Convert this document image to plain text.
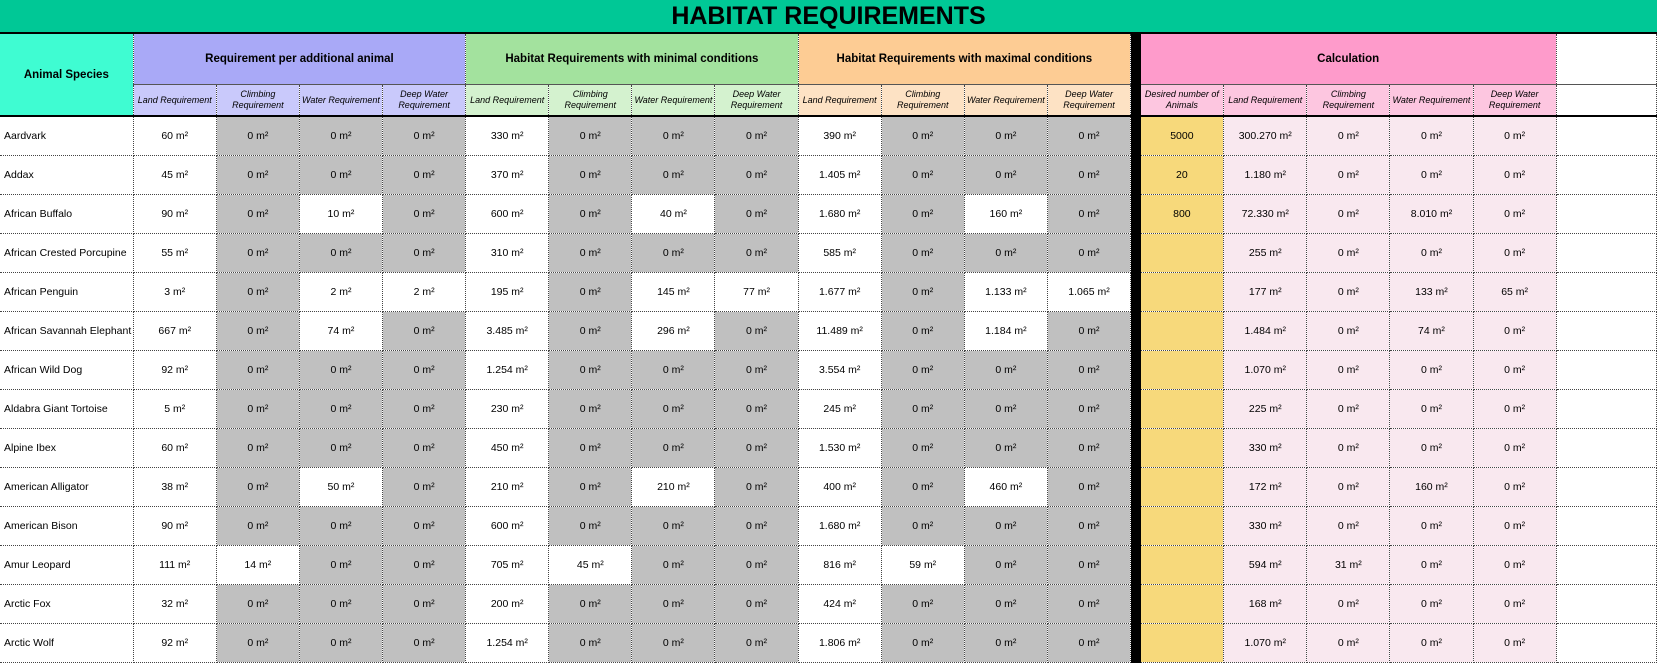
HABITAT REQUIREMENTS
Animal Species	Requirement per additional animal				Habitat Requirements with minimal conditions				Habitat Requirements with maximal conditions					Calculation					
	Land Requirement	Climbing Requirement	Water Requirement	Deep Water Requirement	Land Requirement	Climbing Requirement	Water Requirement	Deep Water Requirement	Land Requirement	Climbing Requirement	Water Requirement	Deep Water Requirement		Desired number of Animals	Land Requirement	Climbing Requirement	Water Requirement	Deep Water Requirement	
Aardvark	60 m²	0 m²	0 m²	0 m²	330 m²	0 m²	0 m²	0 m²	390 m²	0 m²	0 m²	0 m²		5000	300.270 m²	0 m²	0 m²	0 m²	
Addax	45 m²	0 m²	0 m²	0 m²	370 m²	0 m²	0 m²	0 m²	1.405 m²	0 m²	0 m²	0 m²		20	1.180 m²	0 m²	0 m²	0 m²	
African Buffalo	90 m²	0 m²	10 m²	0 m²	600 m²	0 m²	40 m²	0 m²	1.680 m²	0 m²	160 m²	0 m²		800	72.330 m²	0 m²	8.010 m²	0 m²	
African Crested Porcupine	55 m²	0 m²	0 m²	0 m²	310 m²	0 m²	0 m²	0 m²	585 m²	0 m²	0 m²	0 m²			255 m²	0 m²	0 m²	0 m²	
African Penguin	3 m²	0 m²	2 m²	2 m²	195 m²	0 m²	145 m²	77 m²	1.677 m²	0 m²	1.133 m²	1.065 m²			177 m²	0 m²	133 m²	65 m²	
African Savannah Elephant	667 m²	0 m²	74 m²	0 m²	3.485 m²	0 m²	296 m²	0 m²	11.489 m²	0 m²	1.184 m²	0 m²			1.484 m²	0 m²	74 m²	0 m²	
African Wild Dog	92 m²	0 m²	0 m²	0 m²	1.254 m²	0 m²	0 m²	0 m²	3.554 m²	0 m²	0 m²	0 m²			1.070 m²	0 m²	0 m²	0 m²	
Aldabra Giant Tortoise	5 m²	0 m²	0 m²	0 m²	230 m²	0 m²	0 m²	0 m²	245 m²	0 m²	0 m²	0 m²			225 m²	0 m²	0 m²	0 m²	
Alpine Ibex	60 m²	0 m²	0 m²	0 m²	450 m²	0 m²	0 m²	0 m²	1.530 m²	0 m²	0 m²	0 m²			330 m²	0 m²	0 m²	0 m²	
American Alligator	38 m²	0 m²	50 m²	0 m²	210 m²	0 m²	210 m²	0 m²	400 m²	0 m²	460 m²	0 m²			172 m²	0 m²	160 m²	0 m²	
American Bison	90 m²	0 m²	0 m²	0 m²	600 m²	0 m²	0 m²	0 m²	1.680 m²	0 m²	0 m²	0 m²			330 m²	0 m²	0 m²	0 m²	
Amur Leopard	111 m²	14 m²	0 m²	0 m²	705 m²	45 m²	0 m²	0 m²	816 m²	59 m²	0 m²	0 m²			594 m²	31 m²	0 m²	0 m²	
Arctic Fox	32 m²	0 m²	0 m²	0 m²	200 m²	0 m²	0 m²	0 m²	424 m²	0 m²	0 m²	0 m²			168 m²	0 m²	0 m²	0 m²	
Arctic Wolf	92 m²	0 m²	0 m²	0 m²	1.254 m²	0 m²	0 m²	0 m²	1.806 m²	0 m²	0 m²	0 m²			1.070 m²	0 m²	0 m²	0 m²	
